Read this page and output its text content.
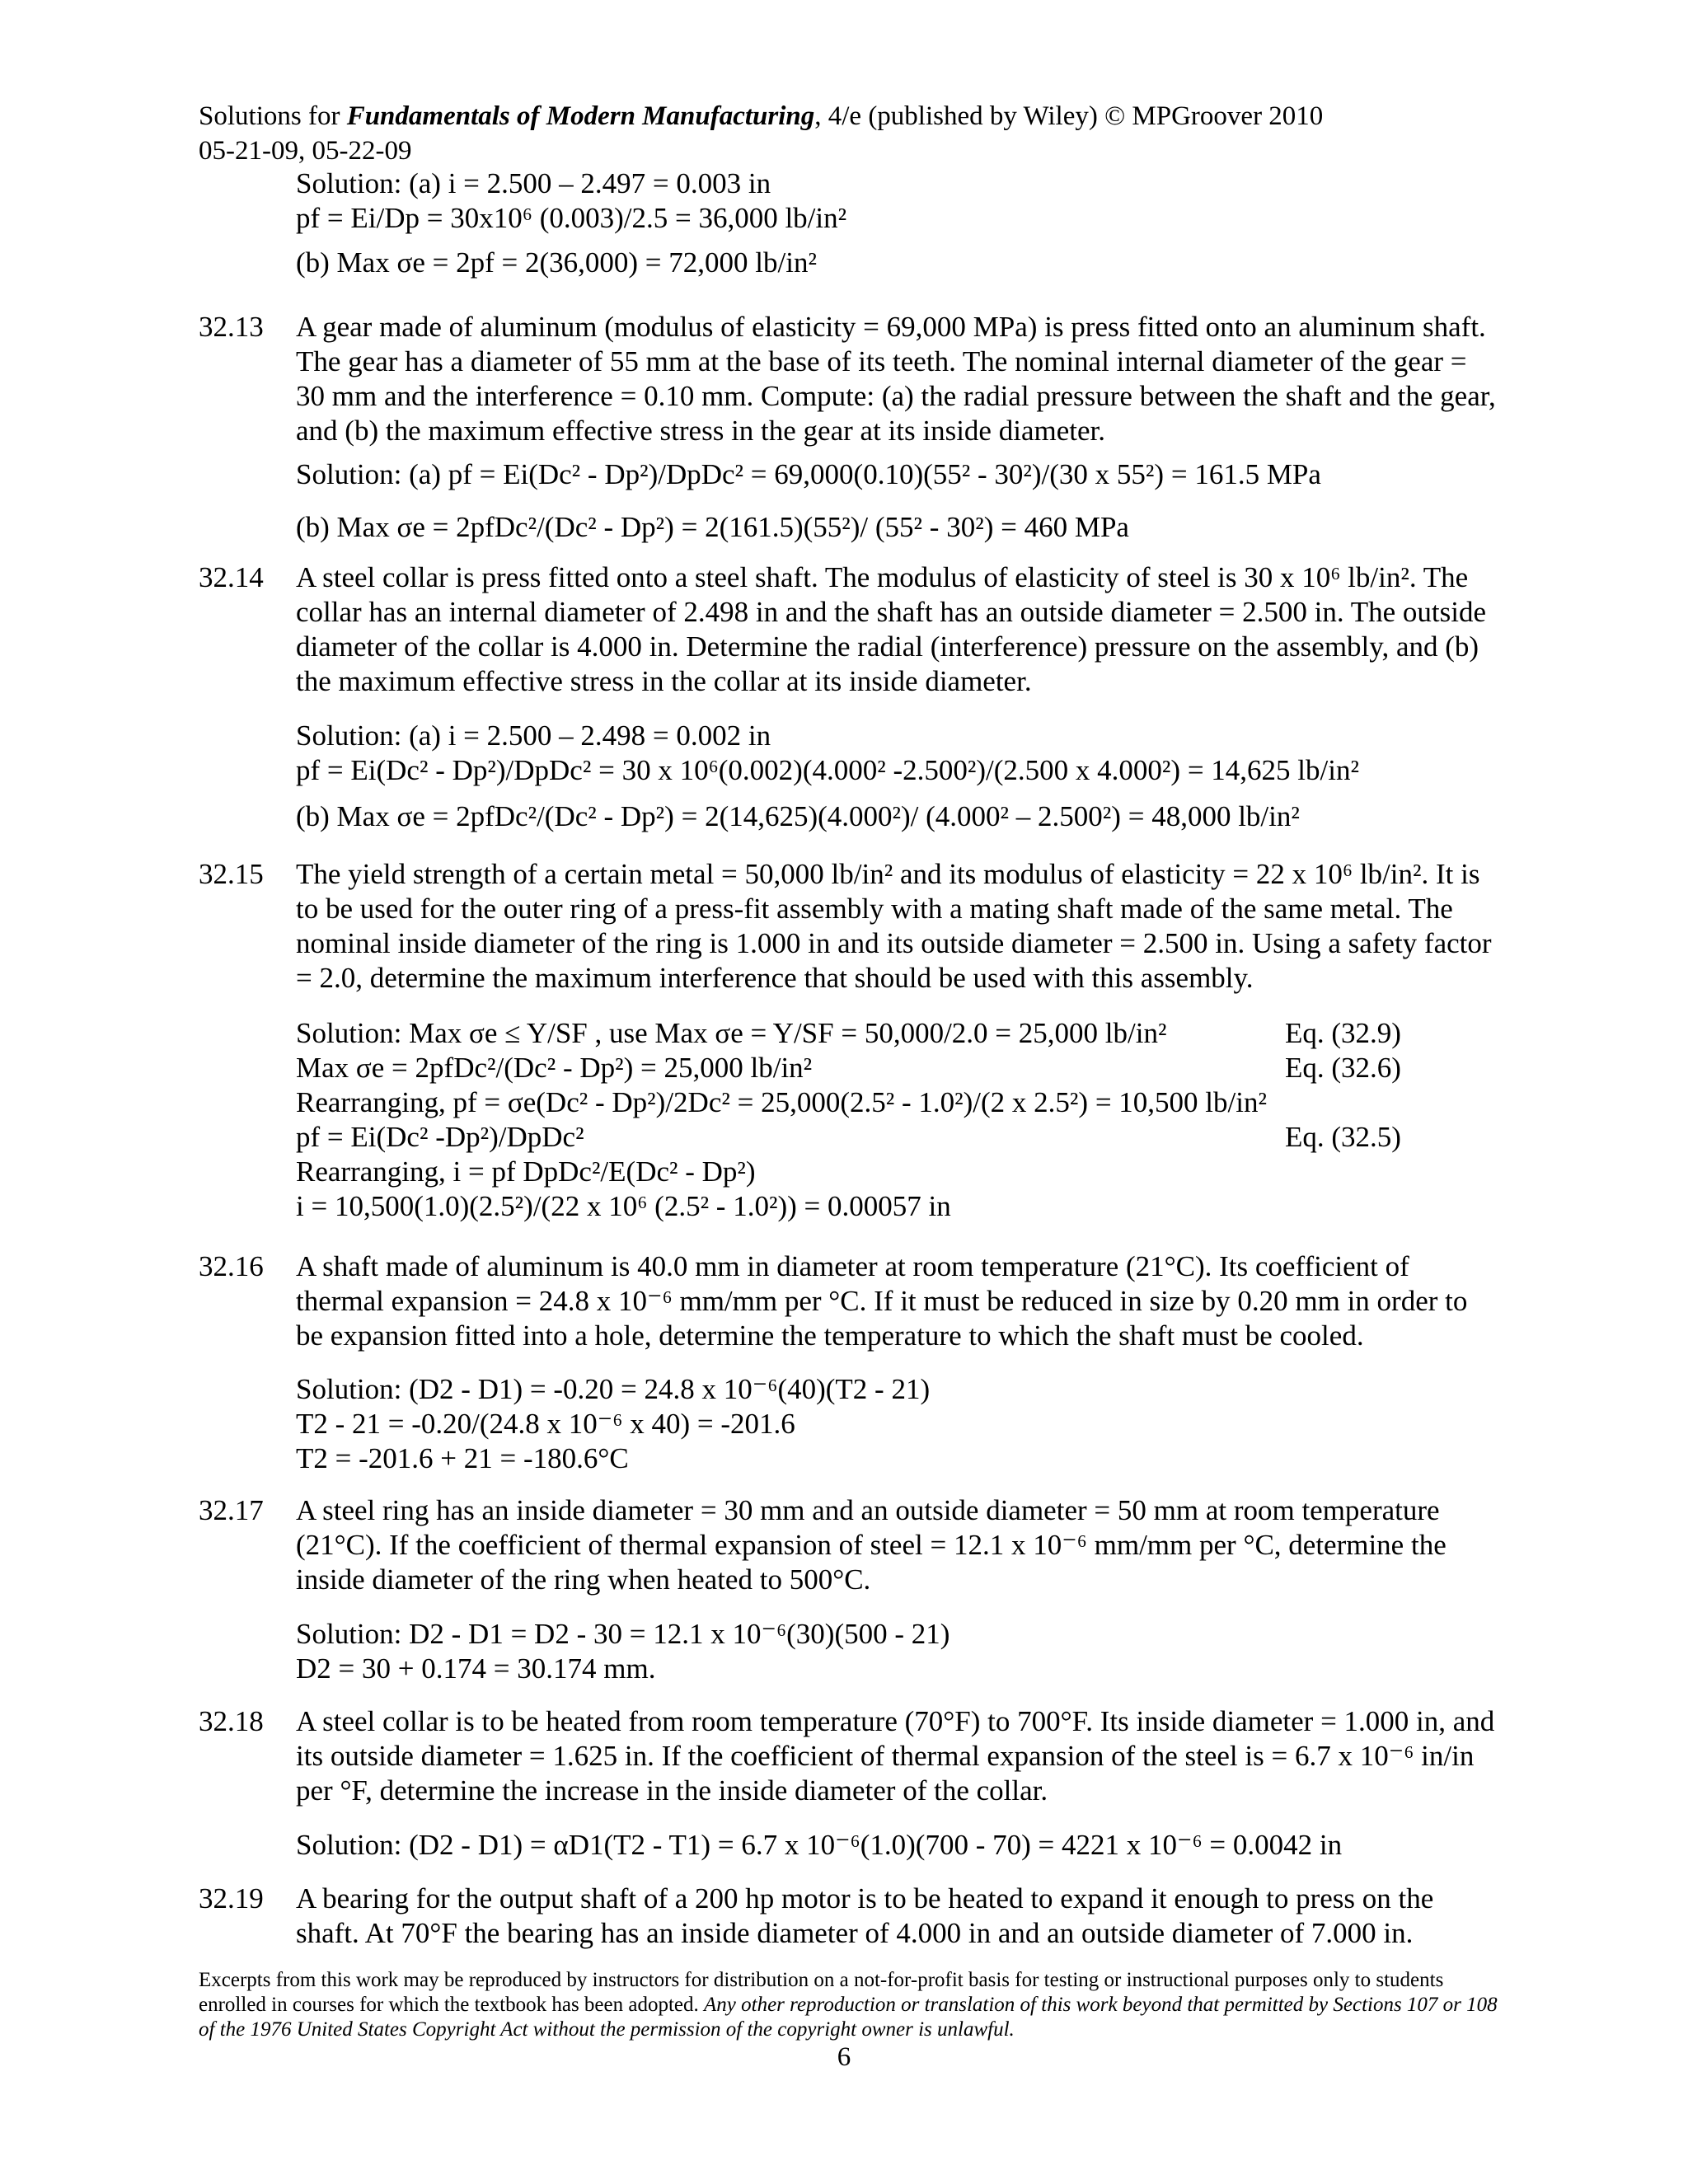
Solutions for Fundamentals of Modern Manufacturing, 4/e (published by Wiley) © MPGroover 2010
05-21-09, 05-22-09
Solution: (a) i = 2.500 – 2.497 = 0.003 in
pf = Ei/Dp = 30x10⁶ (0.003)/2.5 = 36,000 lb/in²
(b) Max σe = 2pf = 2(36,000) = 72,000 lb/in²
32.13 A gear made of aluminum (modulus of elasticity = 69,000 MPa) is press fitted onto an aluminum shaft. The gear has a diameter of 55 mm at the base of its teeth. The nominal internal diameter of the gear = 30 mm and the interference = 0.10 mm. Compute: (a) the radial pressure between the shaft and the gear, and (b) the maximum effective stress in the gear at its inside diameter.
Solution: (a) pf = Ei(Dc² - Dp²)/DpDc² = 69,000(0.10)(55² - 30²)/(30 x 55²) = 161.5 MPa
(b) Max σe = 2pfDc²/(Dc² - Dp²) = 2(161.5)(55²)/ (55² - 30²) = 460 MPa
32.14 A steel collar is press fitted onto a steel shaft. The modulus of elasticity of steel is 30 x 10⁶ lb/in². The collar has an internal diameter of 2.498 in and the shaft has an outside diameter = 2.500 in. The outside diameter of the collar is 4.000 in. Determine the radial (interference) pressure on the assembly, and (b) the maximum effective stress in the collar at its inside diameter.
Solution: (a) i = 2.500 – 2.498 = 0.002 in
pf = Ei(Dc² - Dp²)/DpDc² = 30 x 10⁶(0.002)(4.000² -2.500²)/(2.500 x 4.000²) = 14,625 lb/in²
(b) Max σe = 2pfDc²/(Dc² - Dp²) = 2(14,625)(4.000²)/ (4.000² – 2.500²) = 48,000 lb/in²
32.15 The yield strength of a certain metal = 50,000 lb/in² and its modulus of elasticity = 22 x 10⁶ lb/in². It is to be used for the outer ring of a press-fit assembly with a mating shaft made of the same metal. The nominal inside diameter of the ring is 1.000 in and its outside diameter = 2.500 in. Using a safety factor = 2.0, determine the maximum interference that should be used with this assembly.
Solution: Max σe ≤ Y/SF , use Max σe = Y/SF = 50,000/2.0 = 25,000 lb/in²	Eq. (32.9)
Max σe = 2pfDc²/(Dc² - Dp²) = 25,000 lb/in²	Eq. (32.6)
Rearranging, pf = σe(Dc² - Dp²)/2Dc² = 25,000(2.5² - 1.0²)/(2 x 2.5²) = 10,500 lb/in²
pf = Ei(Dc² -Dp²)/DpDc²	Eq. (32.5)
Rearranging, i = pf DpDc²/E(Dc² - Dp²)
i = 10,500(1.0)(2.5²)/(22 x 10⁶ (2.5² - 1.0²)) = 0.00057 in
32.16 A shaft made of aluminum is 40.0 mm in diameter at room temperature (21°C). Its coefficient of thermal expansion = 24.8 x 10⁻⁶ mm/mm per °C. If it must be reduced in size by 0.20 mm in order to be expansion fitted into a hole, determine the temperature to which the shaft must be cooled.
Solution: (D2 - D1) = -0.20 = 24.8 x 10⁻⁶(40)(T2 - 21)
T2 - 21 = -0.20/(24.8 x 10⁻⁶ x 40) = -201.6
T2 = -201.6 + 21 = -180.6°C
32.17 A steel ring has an inside diameter = 30 mm and an outside diameter = 50 mm at room temperature (21°C). If the coefficient of thermal expansion of steel = 12.1 x 10⁻⁶ mm/mm per °C, determine the inside diameter of the ring when heated to 500°C.
Solution: D2 - D1 = D2 - 30 = 12.1 x 10⁻⁶(30)(500 - 21)
D2 = 30 + 0.174 = 30.174 mm.
32.18 A steel collar is to be heated from room temperature (70°F) to 700°F. Its inside diameter = 1.000 in, and its outside diameter = 1.625 in. If the coefficient of thermal expansion of the steel is = 6.7 x 10⁻⁶ in/in per °F, determine the increase in the inside diameter of the collar.
Solution: (D2 - D1) = αD1(T2 - T1) = 6.7 x 10⁻⁶(1.0)(700 - 70) = 4221 x 10⁻⁶ = 0.0042 in
32.19 A bearing for the output shaft of a 200 hp motor is to be heated to expand it enough to press on the shaft. At 70°F the bearing has an inside diameter of 4.000 in and an outside diameter of 7.000 in.
Excerpts from this work may be reproduced by instructors for distribution on a not-for-profit basis for testing or instructional purposes only to students enrolled in courses for which the textbook has been adopted. Any other reproduction or translation of this work beyond that permitted by Sections 107 or 108 of the 1976 United States Copyright Act without the permission of the copyright owner is unlawful.
6
